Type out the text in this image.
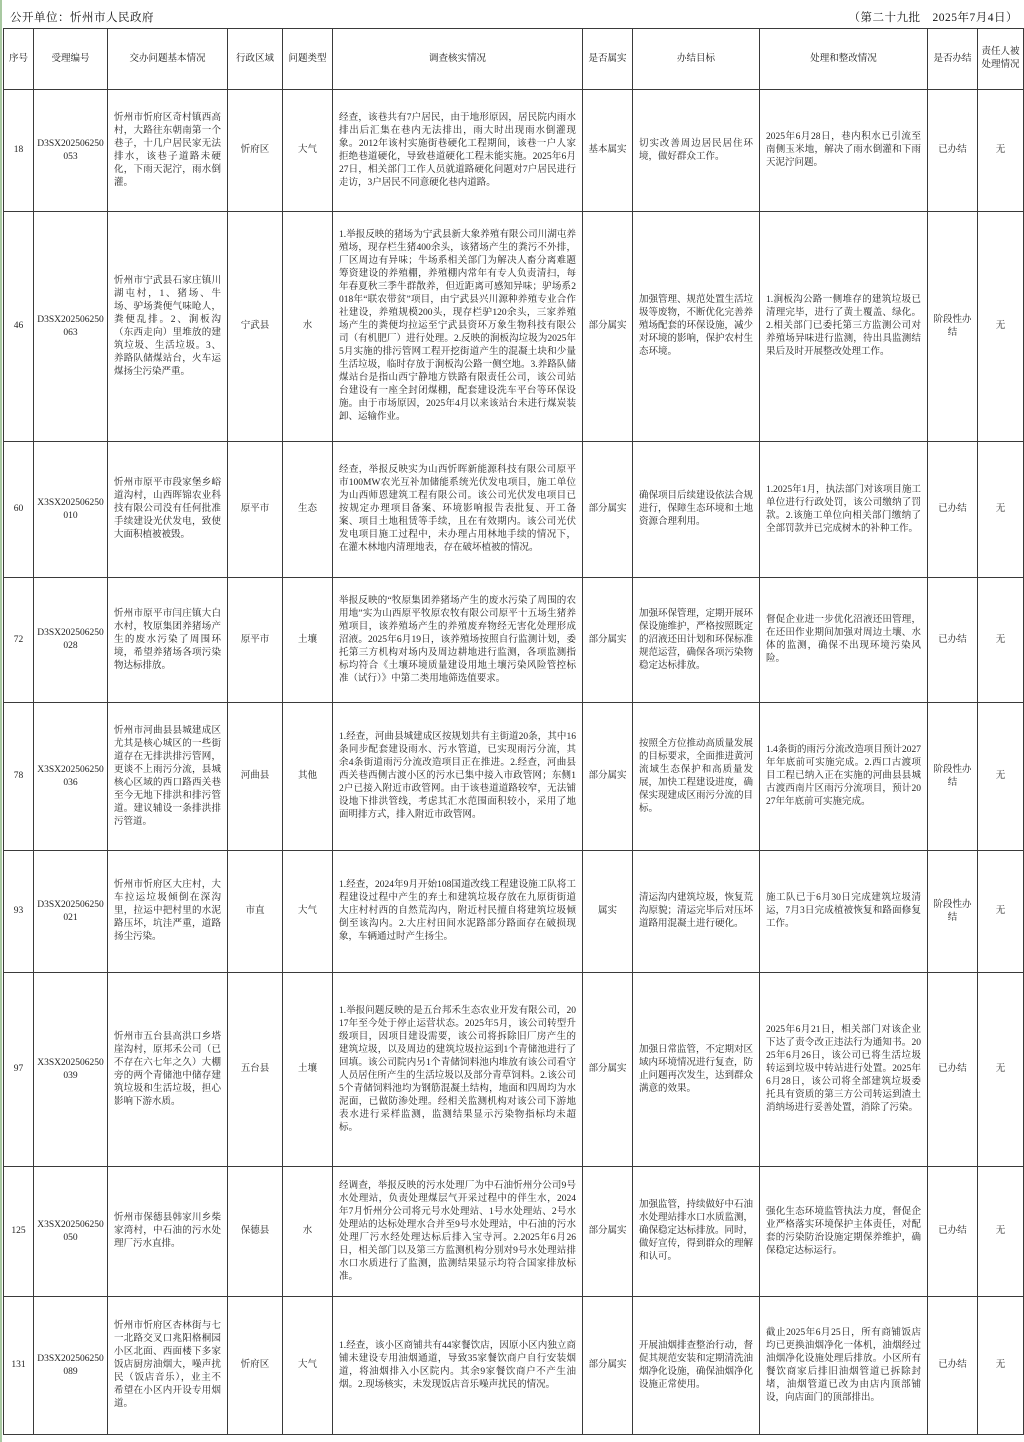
公开单位：忻州市人民政府	（第二十九批　2025年7月4日）
序号	受理编号	交办问题基本情况	行政区域	问题类型	调查核实情况	是否属实	办结目标	处理和整改情况	是否办结	责任人被处理情况
18	D3SX202506250053	忻州市忻府区奇村镇西高村，大路往东朝南第一个巷子，十几户居民家无法排水，该巷子道路未硬化，下雨天泥泞，雨水倒灌。	忻府区	大气	经查，该巷共有7户居民，由于地形原因，居民院内雨水排出后汇集在巷内无法排出，雨大时出现雨水倒灌现象。2012年该村实施街巷硬化工程期间，该巷一户人家拒绝巷道硬化，导致巷道硬化工程未能实施。2025年6月27日，相关部门工作人员就道路硬化问题对7户居民进行走访，3户居民不同意硬化巷内道路。	基本属实	切实改善周边居民居住环境，做好群众工作。	2025年6月28日，巷内积水已引流至南侧玉米地，解决了雨水倒灌和下雨天泥泞问题。	已办结	无
46	D3SX202506250063	忻州市宁武县石家庄镇川湖屯村，1、猪场、牛场、驴场粪便气味呛人，粪便乱排。2、涧板沟（东西走向）里堆放的建筑垃圾、生活垃圾。3、养路队储煤站台，火车运煤扬尘污染严重。	宁武县	水	1.举报反映的猪场为宁武县新大象养殖有限公司川湖屯养殖场，现存栏生猪400余头，该猪场产生的粪污不外排，厂区周边有异味；牛场系相关部门为解决人畜分离难题筹资建设的养殖棚，养殖棚内常年有专人负责清扫，每年春夏秋三季牛群散养，但近距离可感知异味；驴场系2018年“联农带贫”项目，由宁武县兴川源种养殖专业合作社建设，养殖规模200头，现存栏驴120余头，三家养殖场产生的粪便均拉运至宁武县资环万象生物科技有限公司（有机肥厂）进行处理。2.反映的涧板沟垃圾为2025年5月实施的排污管网工程开挖街道产生的混凝土块和少量生活垃圾，临时存放于涧板沟公路一侧空地。3.养路队储煤站台是指山西宁静地方铁路有限责任公司，该公司站台建设有一座全封闭煤棚，配套建设洗车平台等环保设施。由于市场原因，2025年4月以来该站台未进行煤炭装卸、运输作业。	部分属实	加强管理、规范处置生活垃圾等废物，不断优化完善养殖场配套的环保设施，减少对环境的影响，保护农村生态环境。	1.涧板沟公路一侧堆存的建筑垃圾已清理完毕，进行了黄土覆盖、绿化。2.相关部门已委托第三方监测公司对养殖场异味进行监测，待出具监测结果后及时开展整改处理工作。	阶段性办结	无
60	X3SX202506250010	忻州市原平市段家堡乡峪道沟村，山西晖锦农业科技有限公司没有任何批准手续建设光伏发电，致使大面积植被被毁。	原平市	生态	经查，举报反映实为山西忻晖新能源科技有限公司原平市100MW农光互补加储能系统光伏发电项目，施工单位为山西师恩建筑工程有限公司。该公司光伏发电项目已按规定办理项目备案、环境影响报告表批复、开工备案、项目土地租赁等手续，且在有效期内。该公司光伏发电项目施工过程中，未办理占用林地手续的情况下，在灌木林地内清理地表，存在破坏植被的情况。	部分属实	确保项目后续建设依法合规进行，保障生态环境和土地资源合理利用。	1.2025年1月，执法部门对该项目施工单位进行行政处罚，该公司缴纳了罚款。2.该施工单位向相关部门缴纳了全部罚款并已完成树木的补种工作。	已办结	无
72	D3SX202506250028	忻州市原平市闫庄镇大白水村，牧原集团养猪场产生的废水污染了周围环境，希望养猪场各项污染物达标排放。	原平市	土壤	举报反映的“牧原集团养猪场产生的废水污染了周围的农用地”实为山西原平牧原农牧有限公司原平十五场生猪养殖项目，该养殖场产生的养殖废弃物经无害化处理形成沼液。2025年6月19日，该养殖场按照自行监测计划，委托第三方机构对场内及周边耕地进行监测，各项监测指标均符合《土壤环境质量建设用地土壤污染风险管控标准（试行）》中第二类用地筛选值要求。	部分属实	加强环保管理，定期开展环保设施维护，严格按照既定的沼液还田计划和环保标准规范运营，确保各项污染物稳定达标排放。	督促企业进一步优化沼液还田管理，在还田作业期间加强对周边土壤、水体的监测，确保不出现环境污染风险。	已办结	无
78	X3SX202506250036	忻州市河曲县县城建成区尤其是核心城区的一些街道存在无排洪排污管网，更谈不上雨污分流，县城核心区域的西口路西关巷至今无地下排洪和排污管道。建议辅设一条排洪排污管道。	河曲县	其他	1.经查，河曲县城建成区按规划共有主街道20条，其中16条同步配套建设雨水、污水管道，已实现雨污分流，其余4条街道雨污分流改造项目正在推进。2.经查，河曲县西关巷西侧古渡小区的污水已集中接入市政管网；东侧12户已接入附近市政管网。由于该巷道道路较窄，无法铺设地下排洪管线，考虑其汇水范围面积较小，采用了地面明排方式，排入附近市政管网。	部分属实	按照全方位推动高质量发展的目标要求，全面推进黄河流域生态保护和高质量发展，加快工程建设进度，确保实现建成区雨污分流的目标。	1.4条街的雨污分流改造项目预计2027年年底前可实施完成。2.西口古渡项目工程已纳入正在实施的河曲县县城古渡西南片区雨污分流项目，预计2027年年底前可实施完成。	阶段性办结	无
93	D3SX202506250021	忻州市忻府区大庄村，大车拉运垃圾倾倒在深沟里，拉运中把村里的水泥路压坏，坑洼严重，道路扬尘污染。	市直	大气	1.经查，2024年9月开始108国道改线工程建设施工队将工程建设过程中产生的弃土和建筑垃圾存放在九原街街道大庄村村西的自然荒沟内，附近村民擅自将建筑垃圾倾倒至该沟内。2.大庄村田间水泥路部分路面存在破损现象，车辆通过时产生扬尘。	属实	清运沟内建筑垃圾，恢复荒沟原貌；清运完毕后对压坏道路用混凝土进行硬化。	施工队已于6月30日完成建筑垃圾清运，7月3日完成植被恢复和路面修复工作。	阶段性办结	无
97	X3SX202506250039	忻州市五台县高洪口乡塔崖沟村，原邦禾公司（已不存在六七年之久）大棚旁的两个青储池中储存建筑垃圾和生活垃圾，担心影响下游水质。	五台县	土壤	1.举报问题反映的是五台邦禾生态农业开发有限公司，2017年至今处于停止运营状态。2025年5月，该公司转型升级项目，因项目建设需要，该公司将拆除旧厂房产生的建筑垃圾，以及周边的建筑垃圾拉运到1个青储池进行了回填。该公司院内另1个青储饲料池内堆放有该公司看守人员居住所产生的生活垃圾以及部分青草饲料。2.该公司5个青储饲料池均为钢筋混凝土结构，地面和四周均为水泥面，已做防渗处理。经相关监测机构对该公司下游地表水进行采样监测，监测结果显示污染物指标均未超标。	部分属实	加强日常监管，不定期对区域内环境情况进行复查，防止问题再次发生，达到群众满意的效果。	2025年6月21日，相关部门对该企业下达了责令改正违法行为通知书。2025年6月26日，该公司已将生活垃圾转运到垃圾中转站进行处置。2025年6月28日，该公司将全部建筑垃圾委托具有资质的第三方公司转运到渣土消纳场进行妥善处置，消除了污染。	已办结	无
125	X3SX202506250050	忻州市保德县韩家川乡柴家湾村，中石油的污水处理厂污水直排。	保德县	水	经调查，举报反映的污水处理厂为中石油忻州分公司9号水处理站，负责处理煤层气开采过程中的伴生水，2024年7月忻州分公司将元号水处理站、1号水处理站、2号水处理站的达标处理水合并至9号水处理站，中石油的污水处理厂污水经处理达标后排入宝寺河。2.2025年6月26日，相关部门以及第三方监测机构分别对9号水处理站排水口水质进行了监测，监测结果显示均符合国家排放标准。	部分属实	加强监管，持续做好中石油水处理站排水口水质监测，确保稳定达标排放。同时，做好宣传，得到群众的理解和认可。	强化生态环境监管执法力度，督促企业严格落实环境保护主体责任，对配套的污染防治设施定期保养维护，确保稳定达标运行。	已办结	无
131	D3SX202506250089	忻州市忻府区杏林街与七一北路交叉口兆阳格桐园小区北面、西面楼下多家饭店厨房油烟大，噪声扰民（饭店音乐），业主不希望在小区内开设专用烟道。	忻府区	大气	1.经查，该小区商铺共有44家餐饮店，因原小区内独立商铺未建设专用油烟通道，导致35家餐饮商户自行安装烟道，将油烟排入小区院内。其余9家餐饮商户不产生油烟。2.现场核实，未发现饭店音乐噪声扰民的情况。	部分属实	开展油烟排查整治行动，督促其规范安装和定期清洗油烟净化设施，确保油烟净化设施正常使用。	截止2025年6月25日，所有商铺饭店均已更换油烟净化一体机，油烟经过油烟净化设施处理后排放。小区所有餐饮商家后排旧油烟管道已拆除封堵，油烟管道已改为由店内顶部铺设，向店面门的顶部排出。	已办结	无
